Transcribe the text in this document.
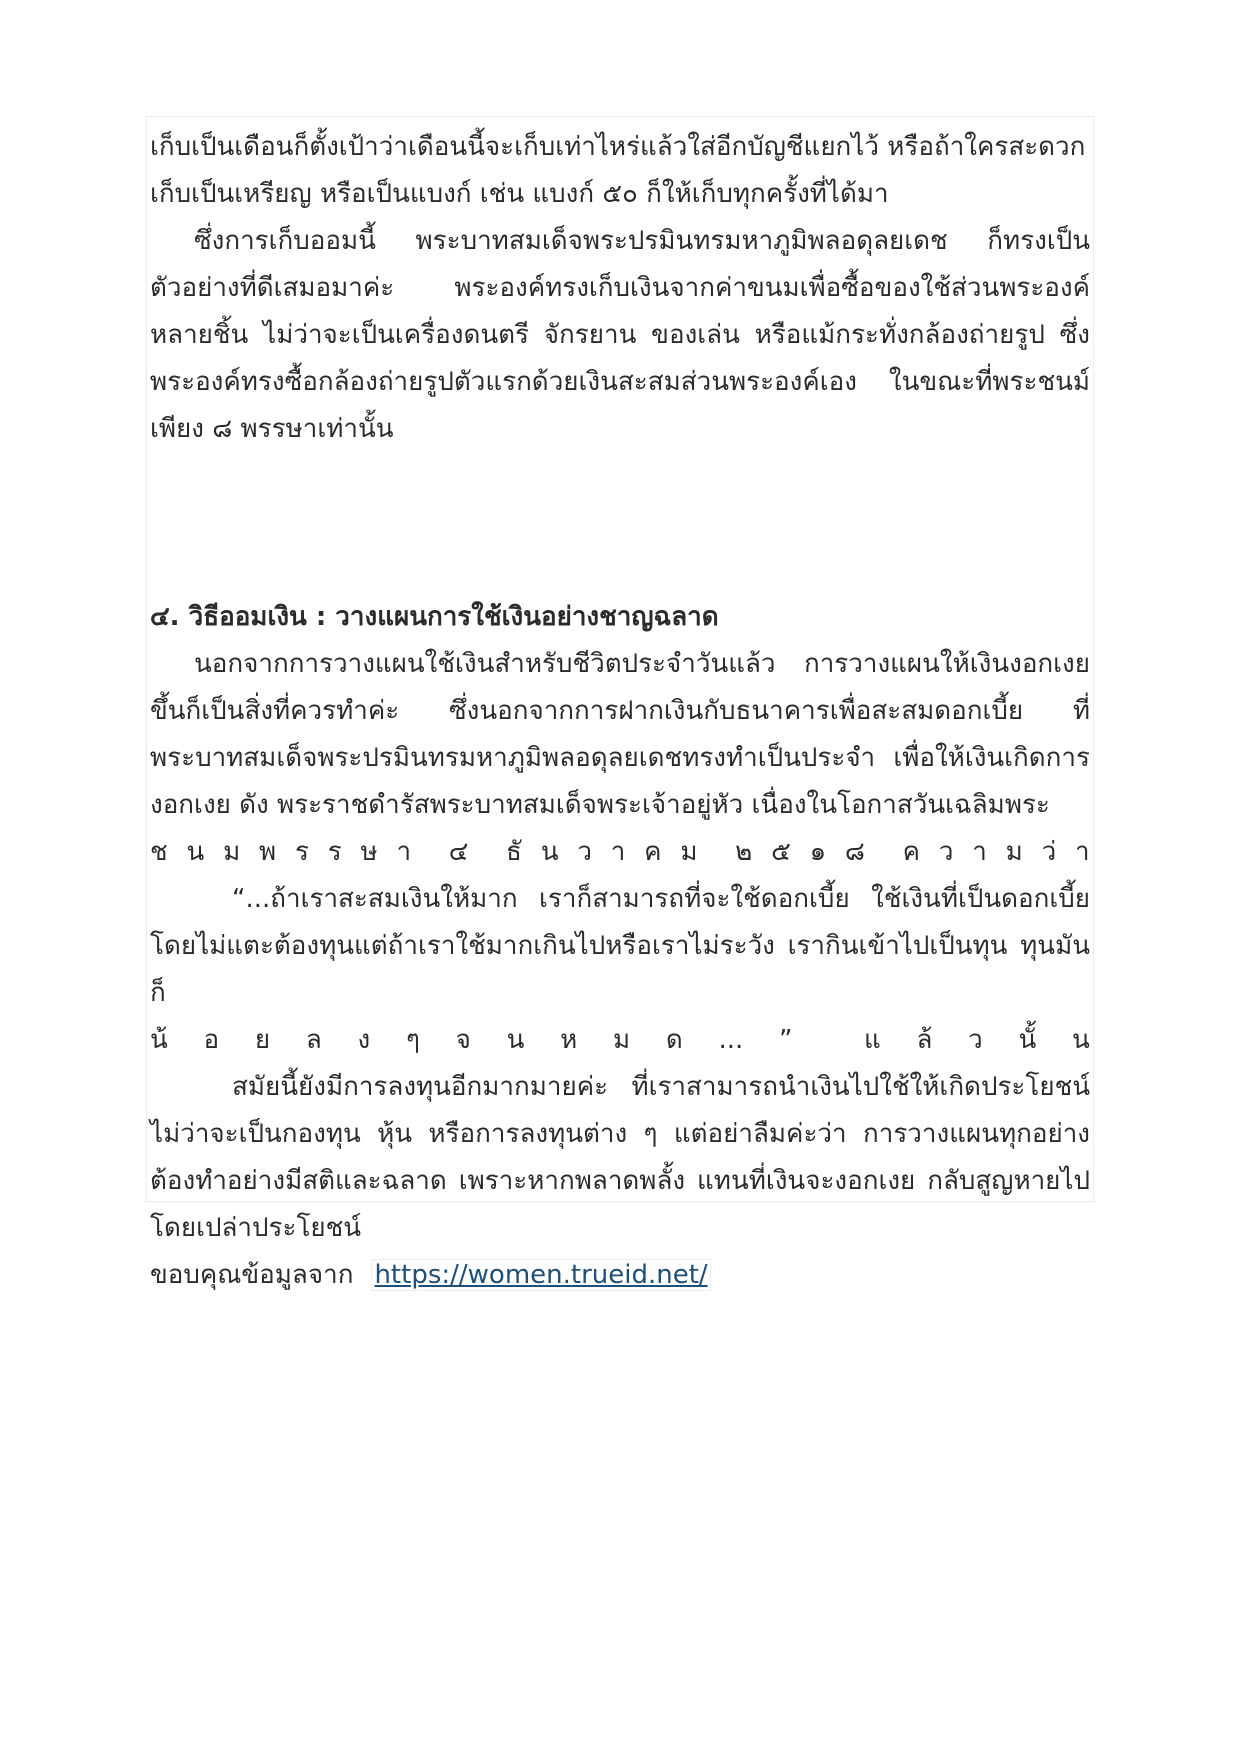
เก็บเป็นเดือนก็ตั้งเป้าว่าเดือนนี้จะเก็บเท่าไหร่แล้วใส่อีกบัญชีแยกไว้ หรือถ้าใครสะดวก

เก็บเป็นเหรียญ หรือเป็นแบงก์ เช่น แบงก์ ๕๐ ก็ให้เก็บทุกครั้งที่ได้มา

ซึ่งการเก็บออมนี้ พระบาทสมเด็จพระปรมินทรมหาภูมิพลอดุลยเดช ก็ทรงเป็นตัวอย่างที่ดีเสมอมาค่ะ พระองค์ทรงเก็บเงินจากค่าขนมเพื่อซื้อของใช้ส่วนพระองค์หลายชิ้น ไม่ว่าจะเป็นเครื่องดนตรี จักรยาน ของเล่น หรือแม้กระทั่งกล้องถ่ายรูป ซึ่งพระองค์ทรงซื้อกล้องถ่ายรูปตัวแรกด้วยเงินสะสมส่วนพระองค์เอง ในขณะที่พระชนม์เพียง ๘ พรรษาเท่านั้น

๔. วิธีออมเงิน : วางแผนการใช้เงินอย่างชาญฉลาด

นอกจากการวางแผนใช้เงินสำหรับชีวิตประจำวันแล้ว การวางแผนให้เงินงอกเงยขึ้นก็เป็นสิ่งที่ควรทำค่ะ ซึ่งนอกจากการฝากเงินกับธนาคารเพื่อสะสมดอกเบี้ย ที่พระบาทสมเด็จพระปรมินทรมหาภูมิพลอดุลยเดชทรงทำเป็นประจำ เพื่อให้เงินเกิดการงอกเงย ดัง พระราชดำรัสพระบาทสมเด็จพระเจ้าอยู่หัว เนื่องในโอกาสวันเฉลิมพระ

ช น ม พ ร ร ษ า ๔ ธั น ว า ค ม ๒ ๕ ๑ ๘ ค ว า ม ว่ า

“...ถ้าเราสะสมเงินให้มาก เราก็สามารถที่จะใช้ดอกเบี้ย ใช้เงินที่เป็นดอกเบี้ยโดยไม่แตะต้องทุนแต่ถ้าเราใช้มากเกินไปหรือเราไม่ระวัง เรากินเข้าไปเป็นทุน ทุนมันก็

น้ อ ย ล ง ๆ จ น ห ม ด ... ”	แ ล้ ว นั้ น

สมัยนี้ยังมีการลงทุนอีกมากมายค่ะ ที่เราสามารถนำเงินไปใช้ให้เกิดประโยชน์ ไม่ว่าจะเป็นกองทุน หุ้น หรือการลงทุนต่าง ๆ แต่อย่าลืมค่ะว่า การวางแผนทุกอย่างต้องทำอย่างมีสติและฉลาด เพราะหากพลาดพลั้ง แทนที่เงินจะงอกเงย กลับสูญหายไปโดยเปล่าประโยชน์

ขอบคุณข้อมูลจาก https://women.trueid.net/
